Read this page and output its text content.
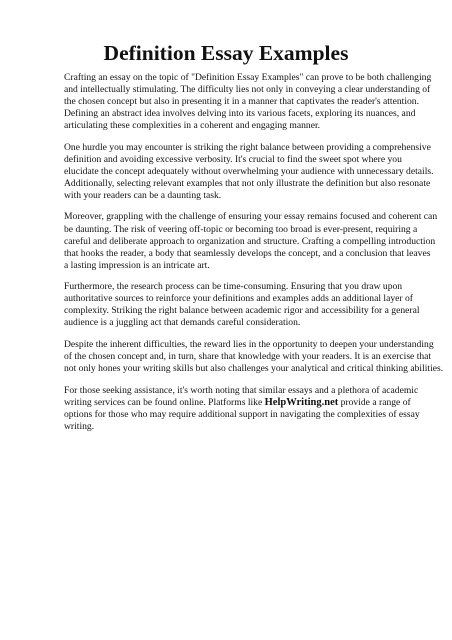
Definition Essay Examples

Crafting an essay on the topic of "Definition Essay Examples" can prove to be both challenging
and intellectually stimulating. The difficulty lies not only in conveying a clear understanding of
the chosen concept but also in presenting it in a manner that captivates the reader's attention.
Defining an abstract idea involves delving into its various facets, exploring its nuances, and
articulating these complexities in a coherent and engaging manner.

One hurdle you may encounter is striking the right balance between providing a comprehensive
definition and avoiding excessive verbosity. It's crucial to find the sweet spot where you
elucidate the concept adequately without overwhelming your audience with unnecessary details.
Additionally, selecting relevant examples that not only illustrate the definition but also resonate
with your readers can be a daunting task.

Moreover, grappling with the challenge of ensuring your essay remains focused and coherent can
be daunting. The risk of veering off-topic or becoming too broad is ever-present, requiring a
careful and deliberate approach to organization and structure. Crafting a compelling introduction
that hooks the reader, a body that seamlessly develops the concept, and a conclusion that leaves
a lasting impression is an intricate art.

Furthermore, the research process can be time-consuming. Ensuring that you draw upon
authoritative sources to reinforce your definitions and examples adds an additional layer of
complexity. Striking the right balance between academic rigor and accessibility for a general
audience is a juggling act that demands careful consideration.

Despite the inherent difficulties, the reward lies in the opportunity to deepen your understanding
of the chosen concept and, in turn, share that knowledge with your readers. It is an exercise that
not only hones your writing skills but also challenges your analytical and critical thinking abilities.

For those seeking assistance, it's worth noting that similar essays and a plethora of academic
writing services can be found online. Platforms like HelpWriting.net provide a range of
options for those who may require additional support in navigating the complexities of essay
writing.
